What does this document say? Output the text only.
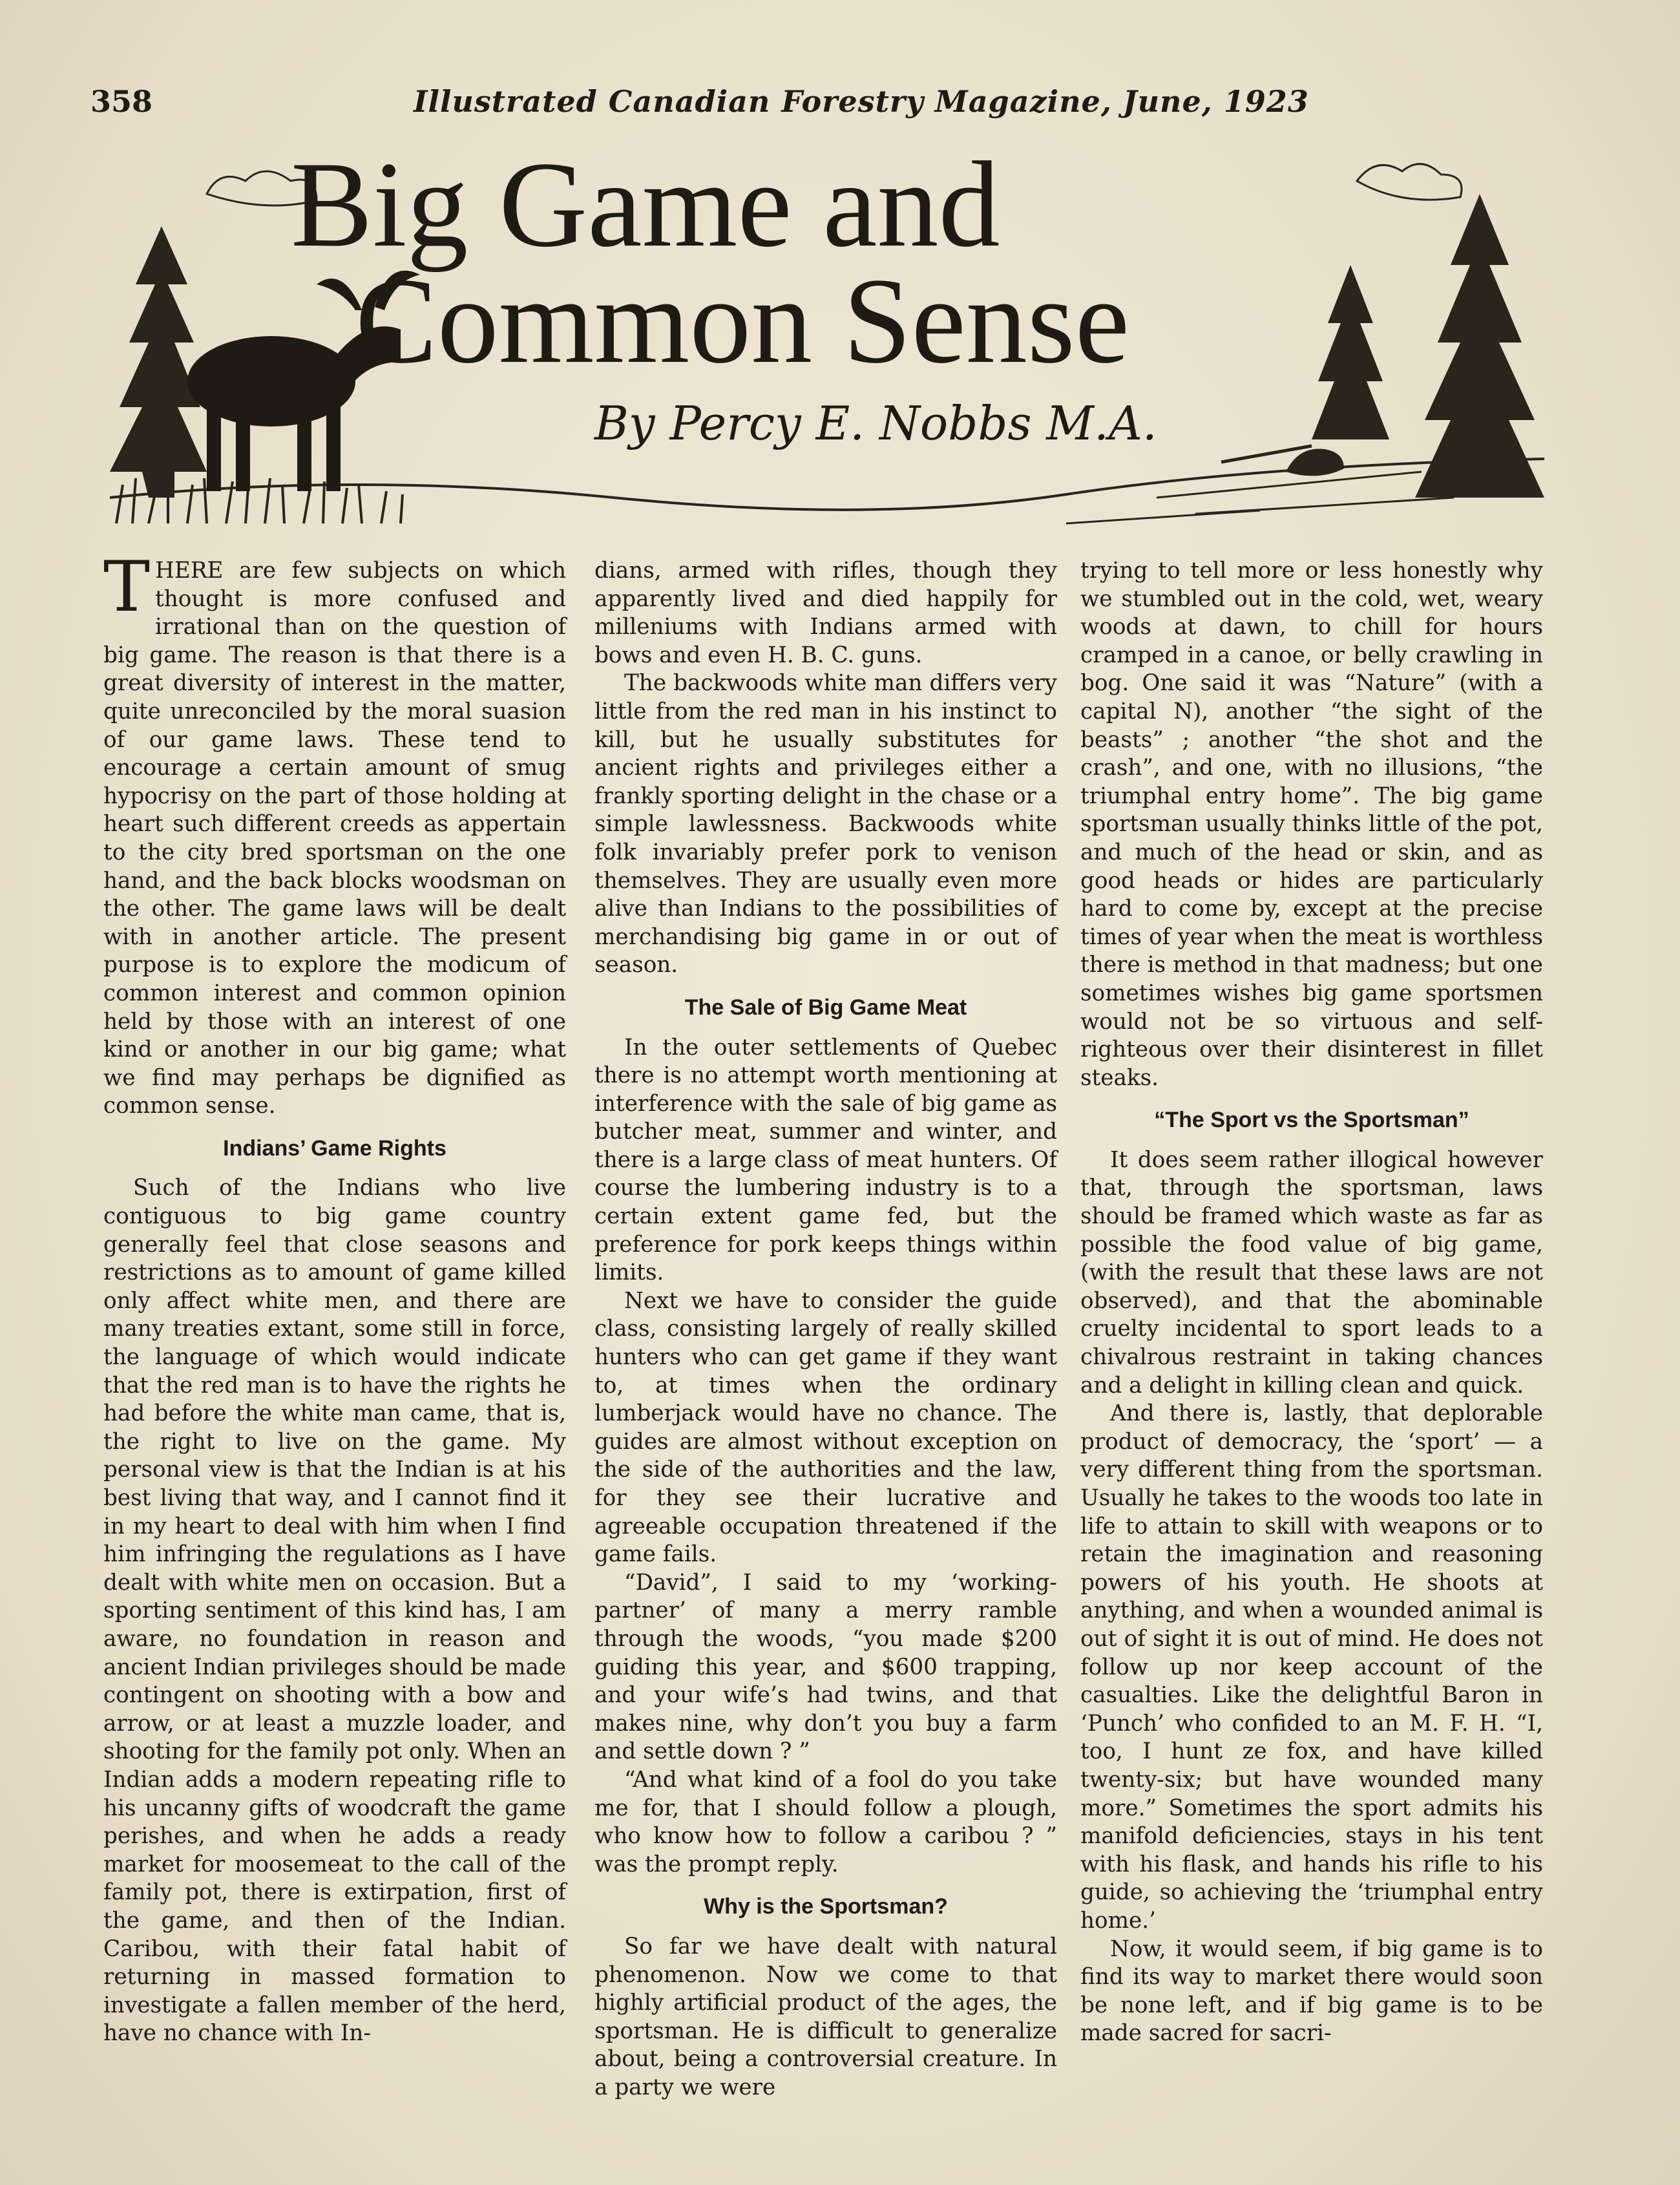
358	Illustrated Canadian Forestry Magazine, June, 1923
Big Game and
Common Sense
By Percy E. Nobbs M.A.

THERE are few subjects on which thought is more confused and irrational than on the question of big game. The reason is that there is a great diversity of interest in the matter, quite unreconciled by the moral suasion of our game laws. These tend to encourage a certain amount of smug hypocrisy on the part of those holding at heart such different creeds as appertain to the city bred sportsman on the one hand, and the back blocks woodsman on the other. The game laws will be dealt with in another article. The present purpose is to explore the modicum of common interest and common opinion held by those with an interest of one kind or another in our big game; what we find may perhaps be dignified as common sense.

Indians’ Game Rights

Such of the Indians who live contiguous to big game country generally feel that close seasons and restrictions as to amount of game killed only affect white men, and there are many treaties extant, some still in force, the language of which would indicate that the red man is to have the rights he had before the white man came, that is, the right to live on the game. My personal view is that the Indian is at his best living that way, and I cannot find it in my heart to deal with him when I find him infringing the regulations as I have dealt with white men on occasion. But a sporting sentiment of this kind has, I am aware, no foundation in reason and ancient Indian privileges should be made contingent on shooting with a bow and arrow, or at least a muzzle loader, and shooting for the family pot only. When an Indian adds a modern repeating rifle to his uncanny gifts of woodcraft the game perishes, and when he adds a ready market for moosemeat to the call of the family pot, there is extirpation, first of the game, and then of the Indian. Caribou, with their fatal habit of returning in massed formation to investigate a fallen member of the herd, have no chance with In-

dians, armed with rifles, though they apparently lived and died happily for milleniums with Indians armed with bows and even H. B. C. guns.

The backwoods white man differs very little from the red man in his instinct to kill, but he usually substitutes for ancient rights and privileges either a frankly sporting delight in the chase or a simple lawlessness. Backwoods white folk invariably prefer pork to venison themselves. They are usually even more alive than Indians to the possibilities of merchandising big game in or out of season.

The Sale of Big Game Meat

In the outer settlements of Quebec there is no attempt worth mentioning at interference with the sale of big game as butcher meat, summer and winter, and there is a large class of meat hunters. Of course the lumbering industry is to a certain extent game fed, but the preference for pork keeps things within limits.

Next we have to consider the guide class, consisting largely of really skilled hunters who can get game if they want to, at times when the ordinary lumberjack would have no chance. The guides are almost without exception on the side of the authorities and the law, for they see their lucrative and agreeable occupation threatened if the game fails.

“David”, I said to my ‘working-partner’ of many a merry ramble through the woods, “you made $200 guiding this year, and $600 trapping, and your wife’s had twins, and that makes nine, why don’t you buy a farm and settle down ? ”

“And what kind of a fool do you take me for, that I should follow a plough, who know how to follow a caribou ? ” was the prompt reply.

Why is the Sportsman?

So far we have dealt with natural phenomenon. Now we come to that highly artificial product of the ages, the sportsman. He is difficult to generalize about, being a controversial creature. In a party we were

trying to tell more or less honestly why we stumbled out in the cold, wet, weary woods at dawn, to chill for hours cramped in a canoe, or belly crawling in bog. One said it was “Nature” (with a capital N), another “the sight of the beasts” ; another “the shot and the crash”, and one, with no illusions, “the triumphal entry home”. The big game sportsman usually thinks little of the pot, and much of the head or skin, and as good heads or hides are particularly hard to come by, except at the precise times of year when the meat is worthless there is method in that madness; but one sometimes wishes big game sportsmen would not be so virtuous and self-righteous over their disinterest in fillet steaks.

“The Sport vs the Sportsman”

It does seem rather illogical however that, through the sportsman, laws should be framed which waste as far as possible the food value of big game, (with the result that these laws are not observed), and that the abominable cruelty incidental to sport leads to a chivalrous restraint in taking chances and a delight in killing clean and quick.

And there is, lastly, that deplorable product of democracy, the ‘sport’ — a very different thing from the sportsman. Usually he takes to the woods too late in life to attain to skill with weapons or to retain the imagination and reasoning powers of his youth. He shoots at anything, and when a wounded animal is out of sight it is out of mind. He does not follow up nor keep account of the casualties. Like the delightful Baron in ‘Punch’ who confided to an M. F. H. “I, too, I hunt ze fox, and have killed twenty-six; but have wounded many more.” Sometimes the sport admits his manifold deficiencies, stays in his tent with his flask, and hands his rifle to his guide, so achieving the ‘triumphal entry home.’

Now, it would seem, if big game is to find its way to market there would soon be none left, and if big game is to be made sacred for sacri-
